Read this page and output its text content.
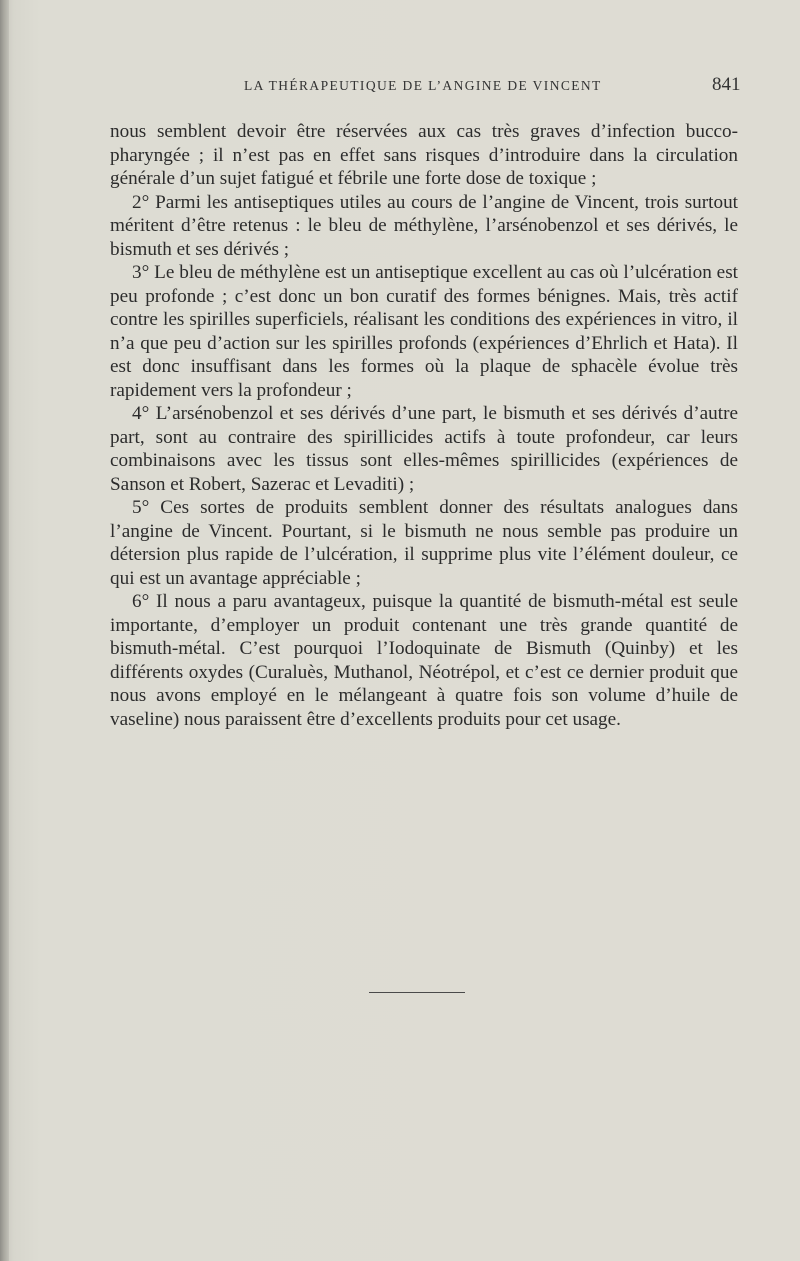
LA THÉRAPEUTIQUE DE L’ANGINE DE VINCENT	841

nous semblent devoir être réservées aux cas très graves d’infection bucco-pharyngée ; il n’est pas en effet sans risques d’introduire dans la circulation générale d’un sujet fatigué et fébrile une forte dose de toxique ;

2° Parmi les antiseptiques utiles au cours de l’angine de Vincent, trois surtout méritent d’être retenus : le bleu de méthylène, l’arsénobenzol et ses dérivés, le bismuth et ses dérivés ;

3° Le bleu de méthylène est un antiseptique excellent au cas où l’ulcération est peu profonde ; c’est donc un bon curatif des formes bénignes. Mais, très actif contre les spirilles superficiels, réalisant les conditions des expériences in vitro, il n’a que peu d’action sur les spirilles profonds (expériences d’Ehrlich et Hata). Il est donc insuffisant dans les formes où la plaque de sphacèle évolue très rapidement vers la profondeur ;

4° L’arsénobenzol et ses dérivés d’une part, le bismuth et ses dérivés d’autre part, sont au contraire des spirillicides actifs à toute profondeur, car leurs combinaisons avec les tissus sont elles-mêmes spirillicides (expériences de Sanson et Robert, Sazerac et Levaditi) ;

5° Ces sortes de produits semblent donner des résultats analogues dans l’angine de Vincent. Pourtant, si le bismuth ne nous semble pas produire un détersion plus rapide de l’ulcération, il supprime plus vite l’élément douleur, ce qui est un avantage appréciable ;

6° Il nous a paru avantageux, puisque la quantité de bismuth-métal est seule importante, d’employer un produit contenant une très grande quantité de bismuth-métal. C’est pourquoi l’Iodoquinate de Bismuth (Quinby) et les différents oxydes (Curaluès, Muthanol, Néotrépol, et c’est ce dernier produit que nous avons employé en le mélangeant à quatre fois son volume d’huile de vaseline) nous paraissent être d’excellents produits pour cet usage.
